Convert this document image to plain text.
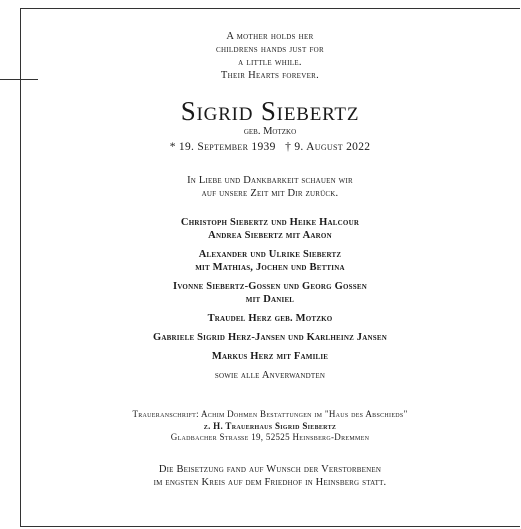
A mother holds her
childrens hands just for
a little while.
Their Hearts forever.
Sigrid Siebertz
geb. Motzko
* 19. September 1939   † 9. August 2022
In Liebe und Dankbarkeit schauen wir
auf unsere Zeit mit Dir zurück.
Christoph Siebertz und Heike Halcour
Andrea Siebertz mit Aaron
Alexander und Ulrike Siebertz
mit Mathias, Jochen und Bettina
Ivonne Siebertz-Gossen und Georg Gossen
mit Daniel
Traudel Herz geb. Motzko
Gabriele Sigrid Herz-Jansen und Karlheinz Jansen
Markus Herz mit Familie
sowie alle Anverwandten
Traueranschrift: Achim Dohmen Bestattungen im "Haus des Abschieds"
z. H. Trauerhaus Sigrid Siebertz
Gladbacher Straße 19, 52525 Heinsberg-Dremmen
Die Beisetzung fand auf Wunsch der Verstorbenen
im engsten Kreis auf dem Friedhof in Heinsberg statt.
